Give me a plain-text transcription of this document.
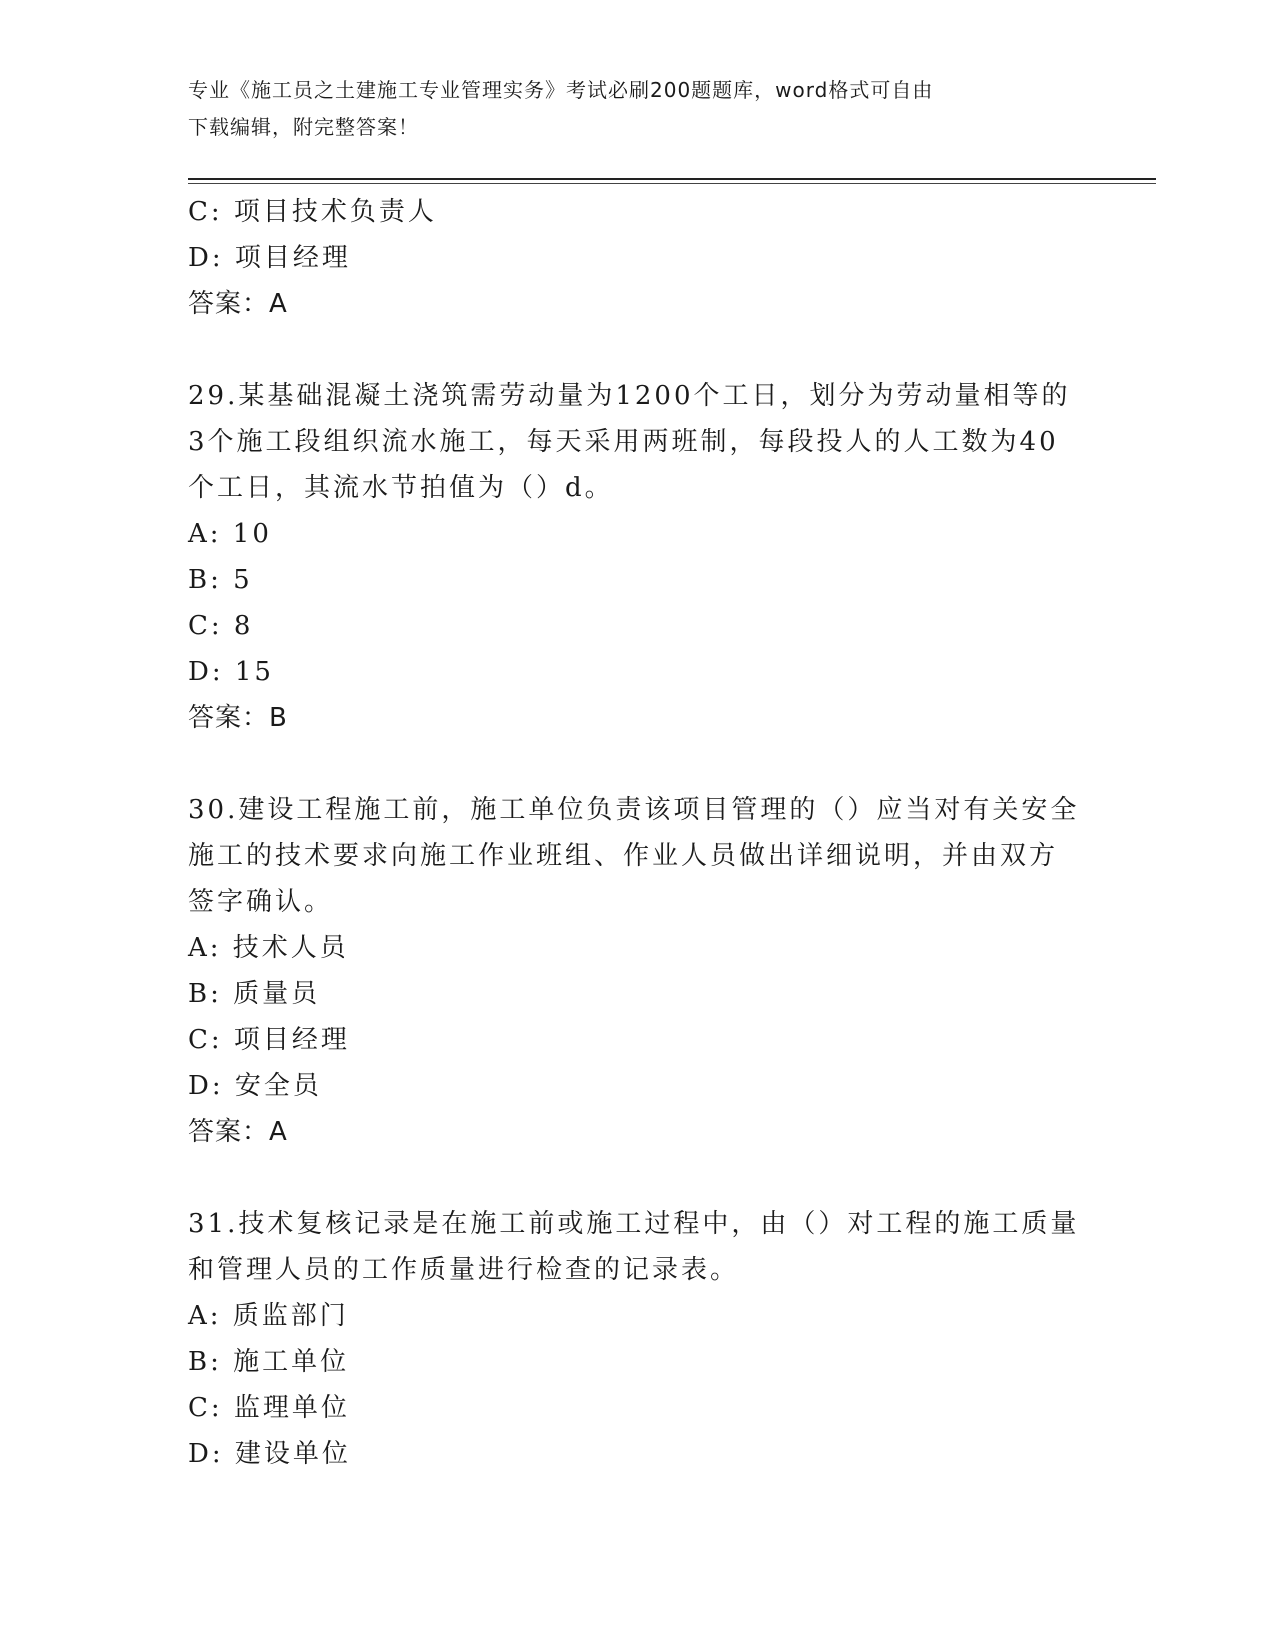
专业《施工员之土建施工专业管理实务》考试必刷200题题库，word格式可自由
下载编辑，附完整答案！
C: 项目技术负责人
D: 项目经理
答案：A
29.某基础混凝土浇筑需劳动量为1200个工日，划分为劳动量相等的
3个施工段组织流水施工，每天采用两班制，每段投人的人工数为40
个工日，其流水节拍值为（）d。
A: 10
B: 5
C: 8
D: 15
答案：B
30.建设工程施工前，施工单位负责该项目管理的（）应当对有关安全
施工的技术要求向施工作业班组、作业人员做出详细说明，并由双方
签字确认。
A: 技术人员
B: 质量员
C: 项目经理
D: 安全员
答案：A
31.技术复核记录是在施工前或施工过程中，由（）对工程的施工质量
和管理人员的工作质量进行检查的记录表。
A: 质监部门
B: 施工单位
C: 监理单位
D: 建设单位
